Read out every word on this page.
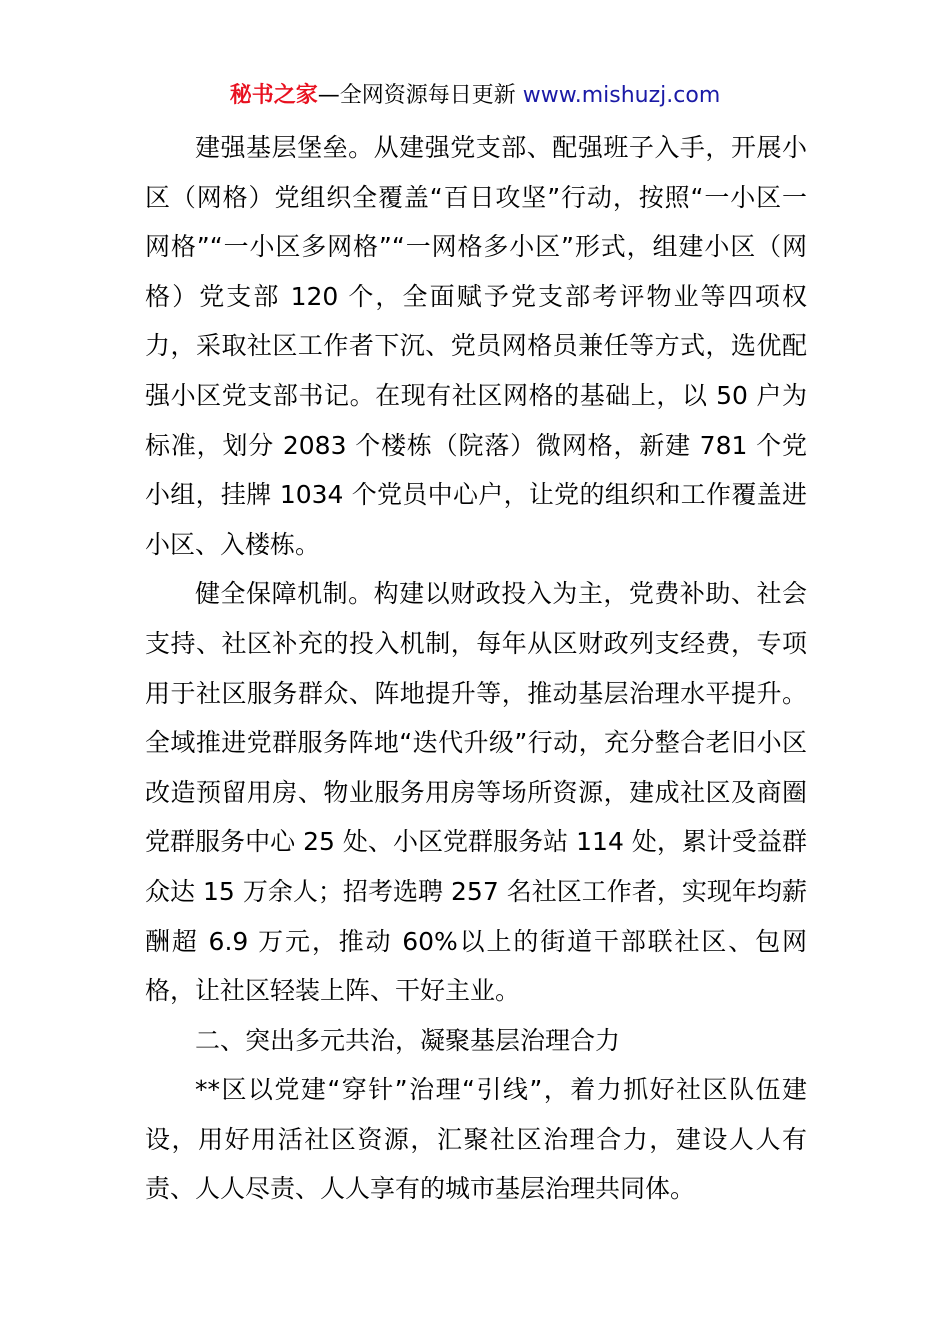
秘书之家—全网资源每日更新 www.mishuzj.com

建强基层堡垒。从建强党支部、配强班子入手，开展小区（网格）党组织全覆盖“百日攻坚”行动，按照“一小区一网格”“一小区多网格”“一网格多小区”形式，组建小区（网格）党支部 120 个，全面赋予党支部考评物业等四项权力，采取社区工作者下沉、党员网格员兼任等方式，选优配强小区党支部书记。在现有社区网格的基础上，以 50 户为标准，划分 2083 个楼栋（院落）微网格，新建 781 个党小组，挂牌 1034 个党员中心户，让党的组织和工作覆盖进小区、入楼栋。

健全保障机制。构建以财政投入为主，党费补助、社会支持、社区补充的投入机制，每年从区财政列支经费，专项用于社区服务群众、阵地提升等，推动基层治理水平提升。全域推进党群服务阵地“迭代升级”行动，充分整合老旧小区改造预留用房、物业服务用房等场所资源，建成社区及商圈党群服务中心 25 处、小区党群服务站 114 处，累计受益群众达 15 万余人；招考选聘 257 名社区工作者，实现年均薪酬超 6.9 万元，推动 60%以上的街道干部联社区、包网格，让社区轻装上阵、干好主业。

二、突出多元共治，凝聚基层治理合力

**区以党建“穿针”治理“引线”，着力抓好社区队伍建设，用好用活社区资源，汇聚社区治理合力，建设人人有责、人人尽责、人人享有的城市基层治理共同体。
